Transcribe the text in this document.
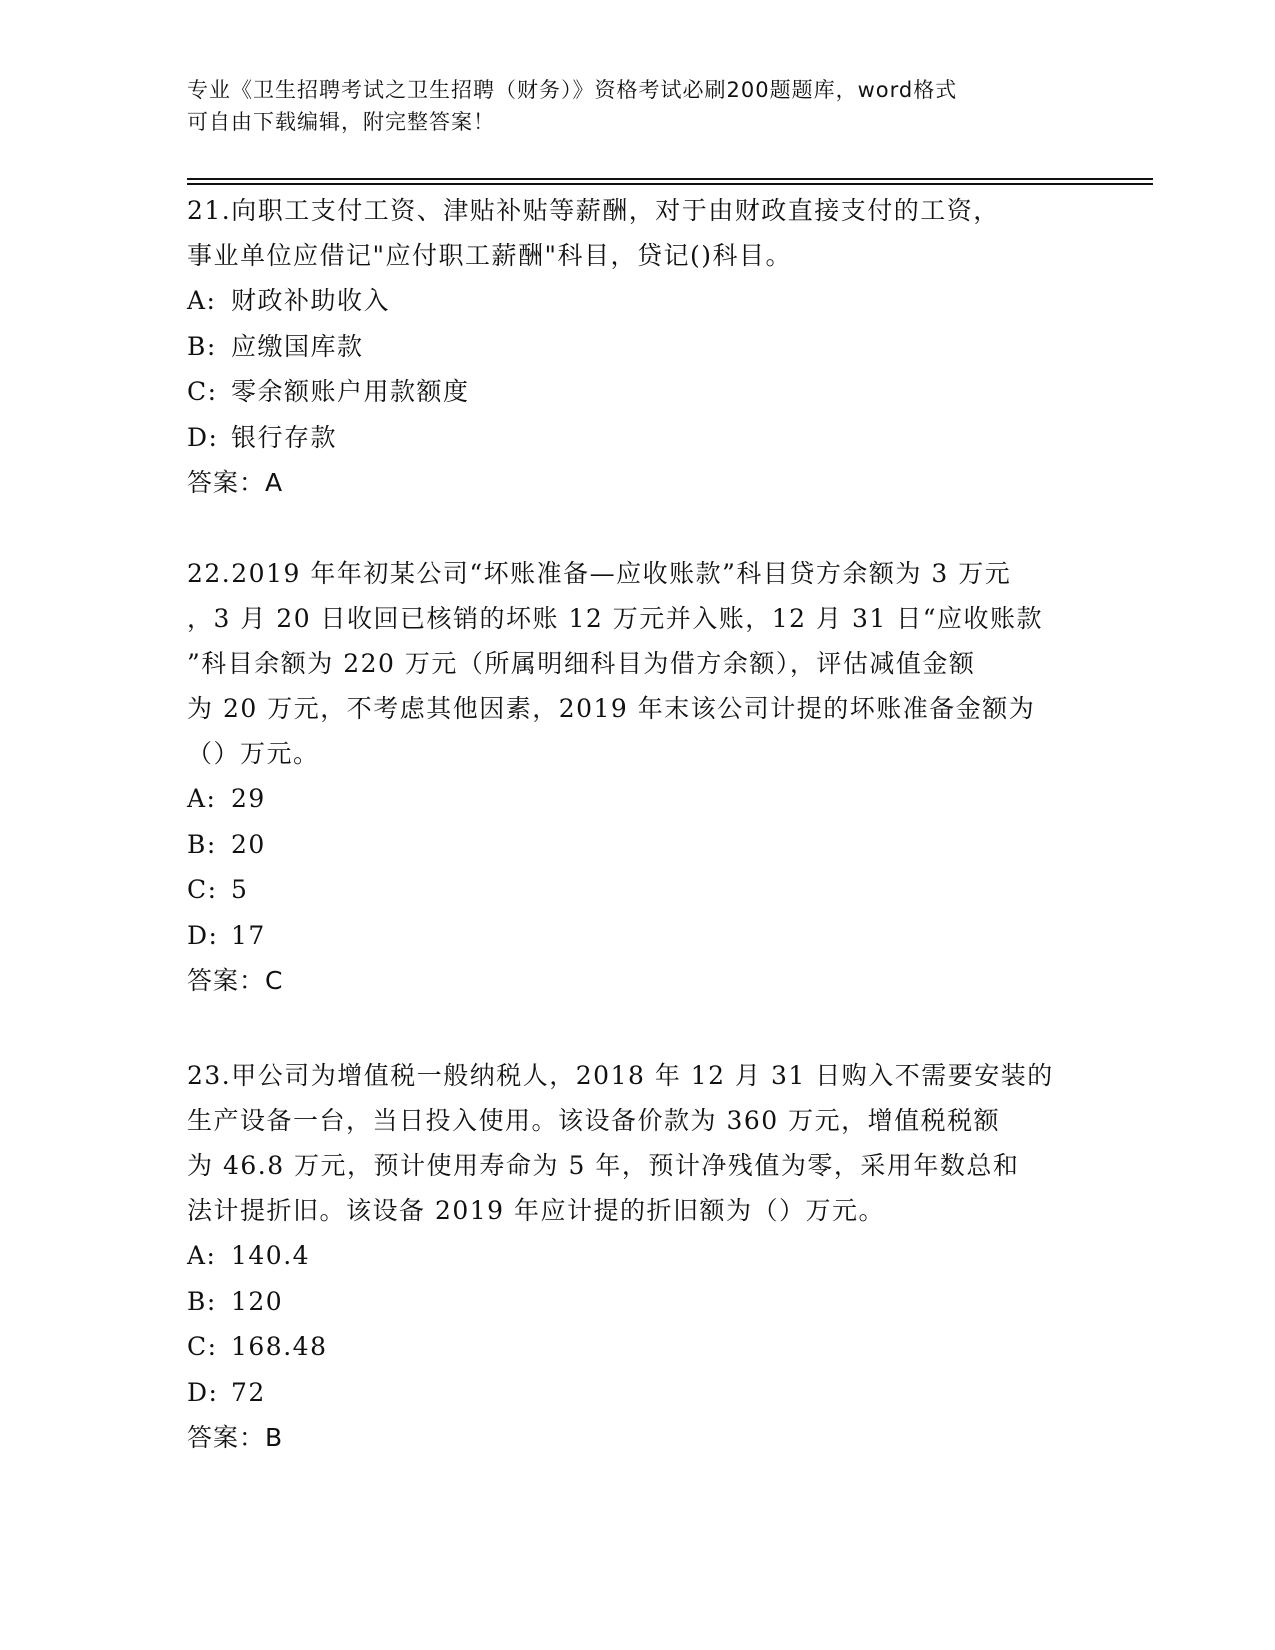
专业《卫生招聘考试之卫生招聘（财务）》资格考试必刷200题题库，word格式
可自由下载编辑，附完整答案！
21.向职工支付工资、津贴补贴等薪酬，对于由财政直接支付的工资，
事业单位应借记"应付职工薪酬"科目，贷记()科目。
A: 财政补助收入
B: 应缴国库款
C: 零余额账户用款额度
D: 银行存款
答案：A
22.2019 年年初某公司“坏账准备—应收账款”科目贷方余额为 3 万元
，3 月 20 日收回已核销的坏账 12 万元并入账，12 月 31 日“应收账款
”科目余额为 220 万元（所属明细科目为借方余额），评估减值金额
为 20 万元，不考虑其他因素，2019 年末该公司计提的坏账准备金额为
（）万元。
A: 29
B: 20
C: 5
D: 17
答案：C
23.甲公司为增值税一般纳税人，2018 年 12 月 31 日购入不需要安装的
生产设备一台，当日投入使用。该设备价款为 360 万元，增值税税额
为 46.8 万元，预计使用寿命为 5 年，预计净残值为零，采用年数总和
法计提折旧。该设备 2019 年应计提的折旧额为（）万元。
A: 140.4
B: 120
C: 168.48
D: 72
答案：B
